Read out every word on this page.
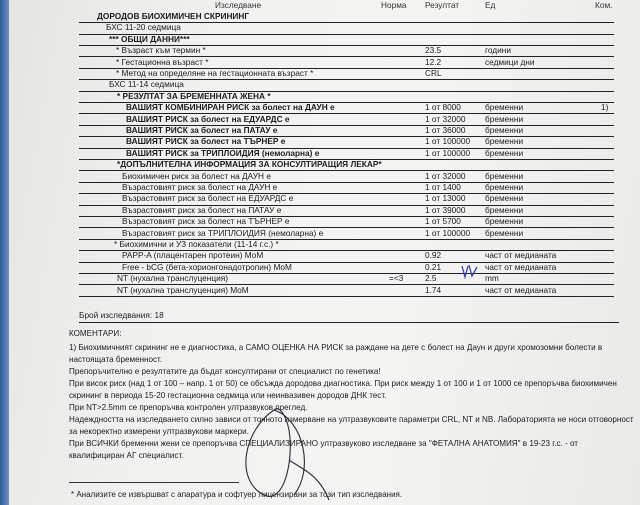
Изследване	Норма Резултат	Ед	Ком.
ДОРОДОВ БИОХИМИЧЕН СКРИНИНГ
БХС 11-20 седмица
*** ОБЩИ ДАННИ***
* Възраст към термин *	23.5	години
* Гестационна възраст *	12.2	седмици дни
* Метод на определяне на гестационната възраст *	CRL
БХС 11-14 седмица
* РЕЗУЛТАТ ЗА БРЕМЕННАТА ЖЕНА *
ВАШИЯТ КОМБИНИРАН РИСК за болест на ДАУН е	1 от 8000	бременни	1)
ВАШИЯТ РИСК за болест на ЕДУАРДС е	1 от 32000 бременни
ВАШИЯТ РИСК за болест на ПАТАУ е	1 от 36000 бременни
ВАШИЯТ РИСК за болест на ТЪРНЕР е	1 от 100000 бременни
ВАШИЯТ РИСК за ТРИПЛОИДИЯ (немоларна) е	1 от 100000 бременни
*ДОПЪЛНИТЕЛНА ИНФОРМАЦИЯ ЗА КОНСУЛТИРАЩИЯ ЛЕКАР*
Биохимичен риск за болест на ДАУН е	1 от 32000 бременни
Възрастовият риск за болест на ДАУН е	1 от 1400	бременни
Възрастовият риск за болест на ЕДУАРДС е	1 от 13000 бременни
Възрастовият риск за болест на ПАТАУ е	1 от 39000 бременни
Възрастовият риск за болест на ТЪРНЕР е	1 от 5700	бременни
Възрастовият риск за ТРИПЛОИДИЯ (немоларна) е	1 от 100000 бременни
* Биохимични и УЗ показатели (11-14 г.с.) *
PAPP-A (плацентарен протеин) MoM	0.92	част от медианата
Free - bCG (бета-хорионгонадотропин) MoM	0.21	част от медианата
NT (нухална транслуценция)	=<3	2.5	mm
NT (нухална транслуценция) MoM	1.74	част от медианата
Брой изследвания: 18

КОМЕНТАРИ:

1) Биохимичният скрининг не е диагностика, а САМО ОЦЕНКА НА РИСК за раждане на дете с болест на Даун и други хромозомни болести в настоящата бременност.

Препоръчително е резултатите да бъдат консултирани от специалист по генетика!

При висок риск (над 1 от 100 – напр. 1 от 50) се обсъжда дородова диагностика. При риск между 1 от 100 и 1 от 1000 се препоръчва биохимичен скрининг в периода 15-20 гестационна седмица или неинвазивен дородов ДНК тест.

При NT>2.5mm се препоръчва контролен ултразвуков преглед.

Надеждността на изследването силно зависи от точното измерване на ултразвуковите параметри CRL, NT и NB. Лабораторията не носи отговорност за некоректно измерени ултразвукови маркери.

При ВСИЧКИ бременни жени се препоръчва СПЕЦИАЛИЗИРАНО ултразвуково изследване за "ФЕТАЛНА АНАТОМИЯ" в 19-23 г.с. - от квалифициран АГ специалист.

* Анализите се извършват с апаратура и софтуер лицензирани за този тип изследвания.
